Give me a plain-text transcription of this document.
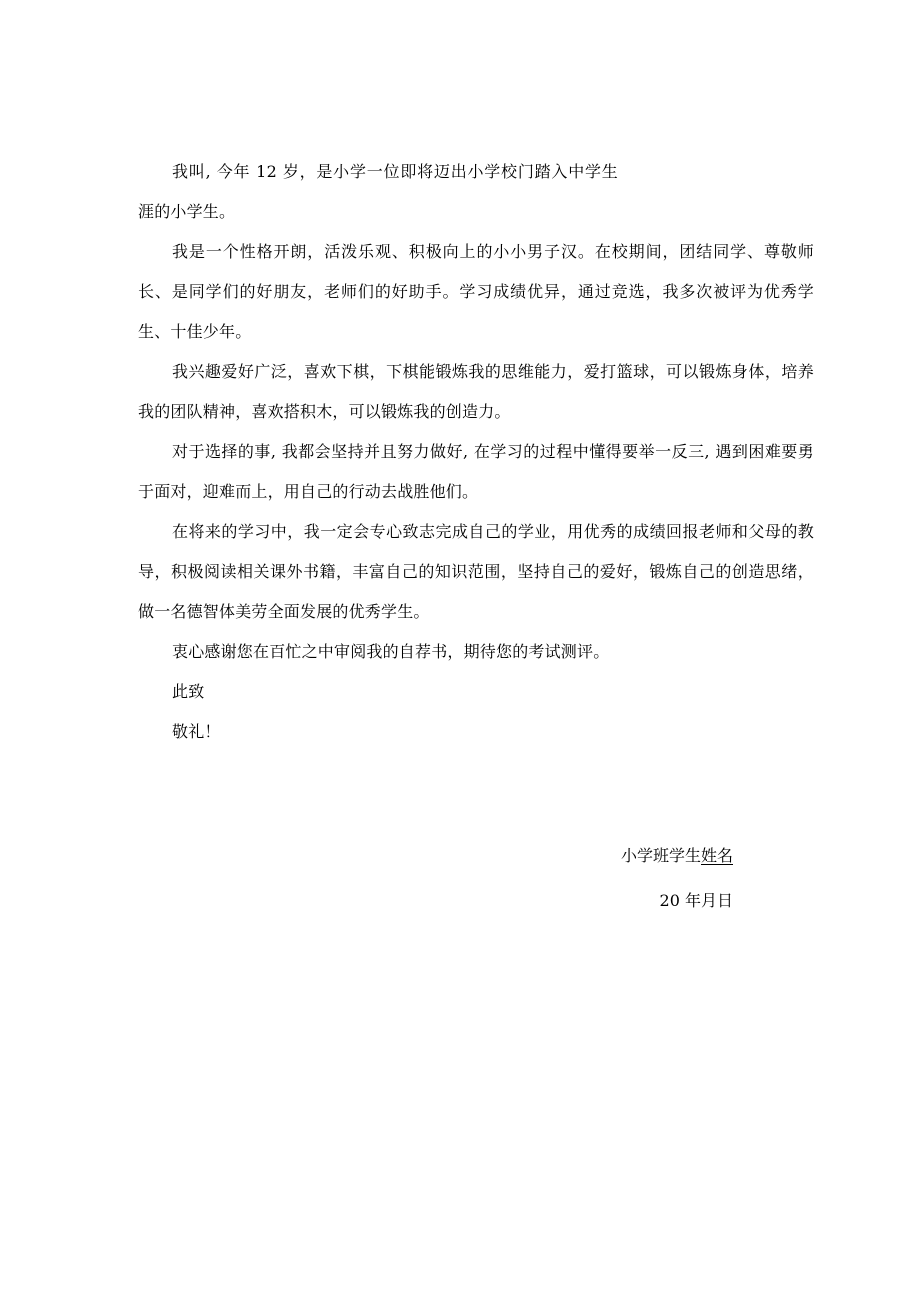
我叫, 今年 12 岁，是小学一位即将迈出小学校门踏入中学生涯的小学生。

我是一个性格开朗，活泼乐观、积极向上的小小男子汉。在校期间，团结同学、尊敬师长、是同学们的好朋友，老师们的好助手。学习成绩优异，通过竞选，我多次被评为优秀学生、十佳少年。

我兴趣爱好广泛，喜欢下棋，下棋能锻炼我的思维能力，爱打篮球，可以锻炼身体，培养我的团队精神，喜欢搭积木，可以锻炼我的创造力。

对于选择的事, 我都会坚持并且努力做好, 在学习的过程中懂得要举一反三, 遇到困难要勇于面对，迎难而上，用自己的行动去战胜他们。

在将来的学习中，我一定会专心致志完成自己的学业，用优秀的成绩回报老师和父母的教导，积极阅读相关课外书籍，丰富自己的知识范围，坚持自己的爱好，锻炼自己的创造思绪，做一名德智体美劳全面发展的优秀学生。

衷心感谢您在百忙之中审阅我的自荐书，期待您的考试测评。

此致

敬礼！

小学班学生姓名

20 年月日
